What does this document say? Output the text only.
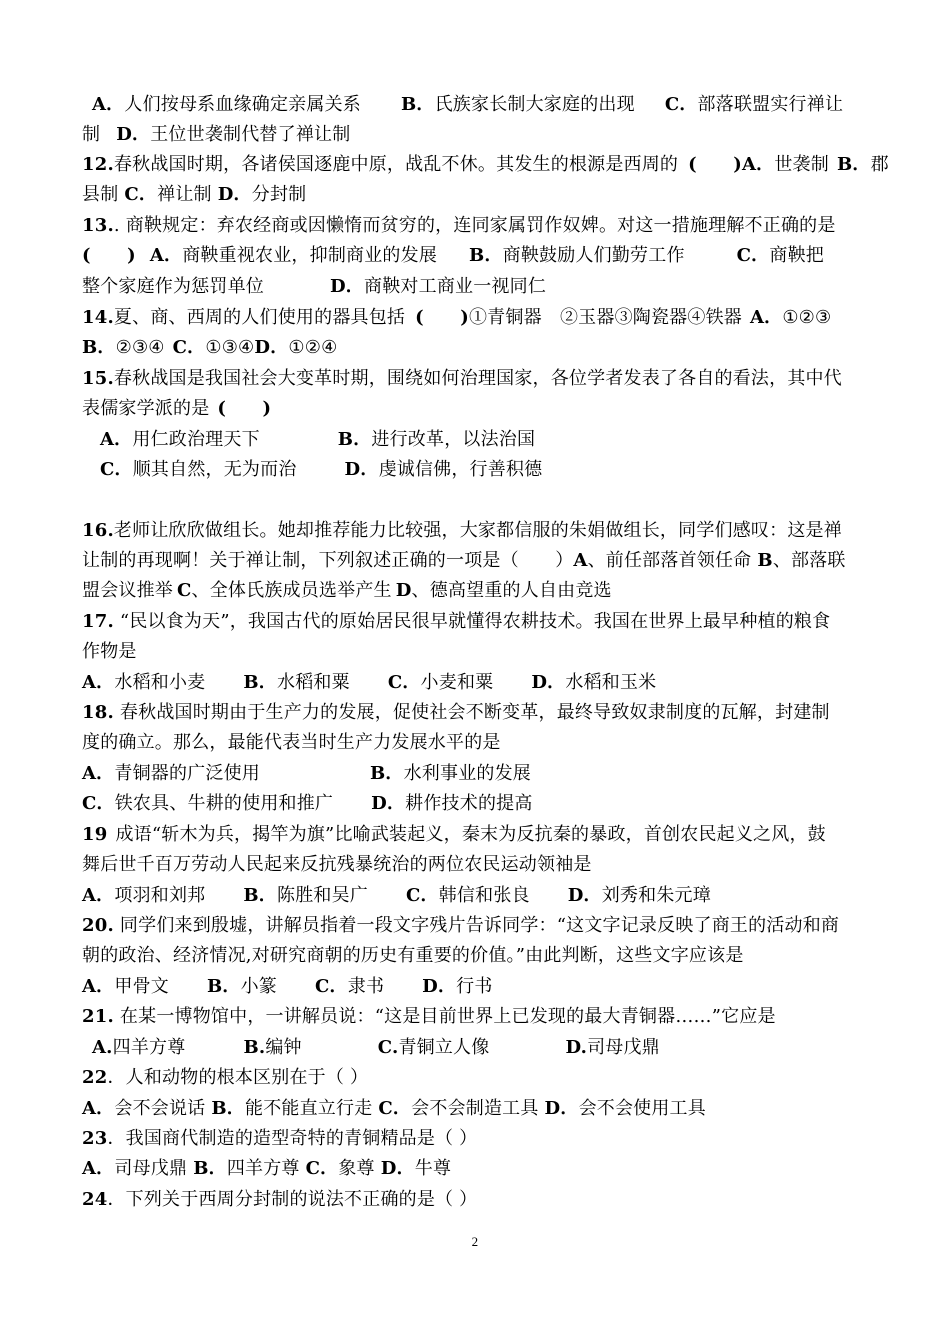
A．人们按母系血缘确定亲属关系 B．氏族家长制大家庭的出现 C．部落联盟实行禅让
制 D．王位世袭制代替了禅让制
12.春秋战国时期，各诸侯国逐鹿中原，战乱不休。其发生的根源是西周的 (　　)A．世袭制 B．郡
县制 C．禅让制 D．分封制
13.. 商鞅规定：弃农经商或因懒惰而贫穷的，连同家属罚作奴婢。对这一措施理解不正确的是
(　　) A．商鞅重视农业，抑制商业的发展 B．商鞅鼓励人们勤劳工作	C．商鞅把
整个家庭作为惩罚单位	D．商鞅对工商业一视同仁
14.夏、商、西周的人们使用的器具包括 (　　)①青铜器　②玉器③陶瓷器④铁器 A．①②③
B．②③④ C．①③④D．①②④
15.春秋战国是我国社会大变革时期，围绕如何治理国家，各位学者发表了各自的看法，其中代
表儒家学派的是 (　　)
A．用仁政治理天下	B．进行改革，以法治国
C．顺其自然，无为而治	D．虔诚信佛，行善积德
16.老师让欣欣做组长。她却推荐能力比较强，大家都信服的朱娟做组长，同学们感叹：这是禅
让制的再现啊！关于禅让制，下列叙述正确的一项是（　　）A、前任部落首领任命 B、部落联
盟会议推举 C、全体氏族成员选举产生 D、德高望重的人自由竞选
17. “民以食为天”，我国古代的原始居民很早就懂得农耕技术。我国在世界上最早种植的粮食
作物是
A．水稻和小麦 B．水稻和粟 C．小麦和粟 D．水稻和玉米
18. 春秋战国时期由于生产力的发展，促使社会不断变革，最终导致奴隶制度的瓦解，封建制
度的确立。那么，最能代表当时生产力发展水平的是
A．青铜器的广泛使用	B．水利事业的发展
C．铁农具、牛耕的使用和推广 D．耕作技术的提高
19 成语“斩木为兵，揭竿为旗”比喻武装起义，秦末为反抗秦的暴政，首创农民起义之风，鼓
舞后世千百万劳动人民起来反抗残暴统治的两位农民运动领袖是
A．项羽和刘邦 B．陈胜和吴广 C．韩信和张良 D．刘秀和朱元璋
20. 同学们来到殷墟，讲解员指着一段文字残片告诉同学：“这文字记录反映了商王的活动和商
朝的政治、经济情况,对研究商朝的历史有重要的价值。”由此判断，这些文字应该是
A．甲骨文 B．小篆 C．隶书 D．行书
21. 在某一博物馆中，一讲解员说：“这是目前世界上已发现的最大青铜器……”它应是
A.四羊方尊	B.编钟	C.青铜立人像	D.司母戊鼎
22．人和动物的根本区别在于（ ）
A．会不会说话 B．能不能直立行走 C．会不会制造工具 D．会不会使用工具
23．我国商代制造的造型奇特的青铜精品是（ ）
A．司母戊鼎 B．四羊方尊 C．象尊 D．牛尊
24．下列关于西周分封制的说法不正确的是（ ）
2
